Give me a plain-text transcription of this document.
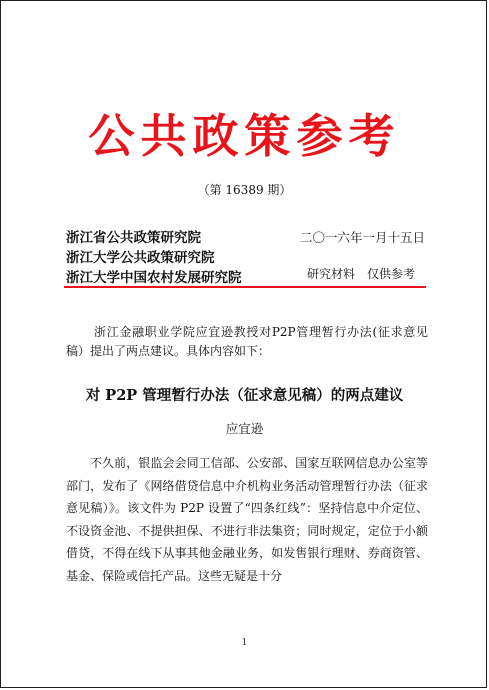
公共政策参考
（第 16389 期）
浙江省公共政策研究院
浙江大学公共政策研究院
浙江大学中国农村发展研究院
二〇一六年一月十五日
研究材料　仅供参考

浙江金融职业学院应宜逊教授对P2P管理暂行办法(征求意见稿）提出了两点建议。具体内容如下：

对 P2P 管理暂行办法（征求意见稿）的两点建议
应宜逊

不久前，银监会会同工信部、公安部、国家互联网信息办公室等部门，发布了《网络借贷信息中介机构业务活动管理暂行办法（征求意见稿）》。该文件为 P2P 设置了“四条红线”：坚持信息中介定位、不设资金池、不提供担保、不进行非法集资；同时规定，定位于小额借贷，不得在线下从事其他金融业务，如发售银行理财、券商资管、基金、保险或信托产品。这些无疑是十分

1
